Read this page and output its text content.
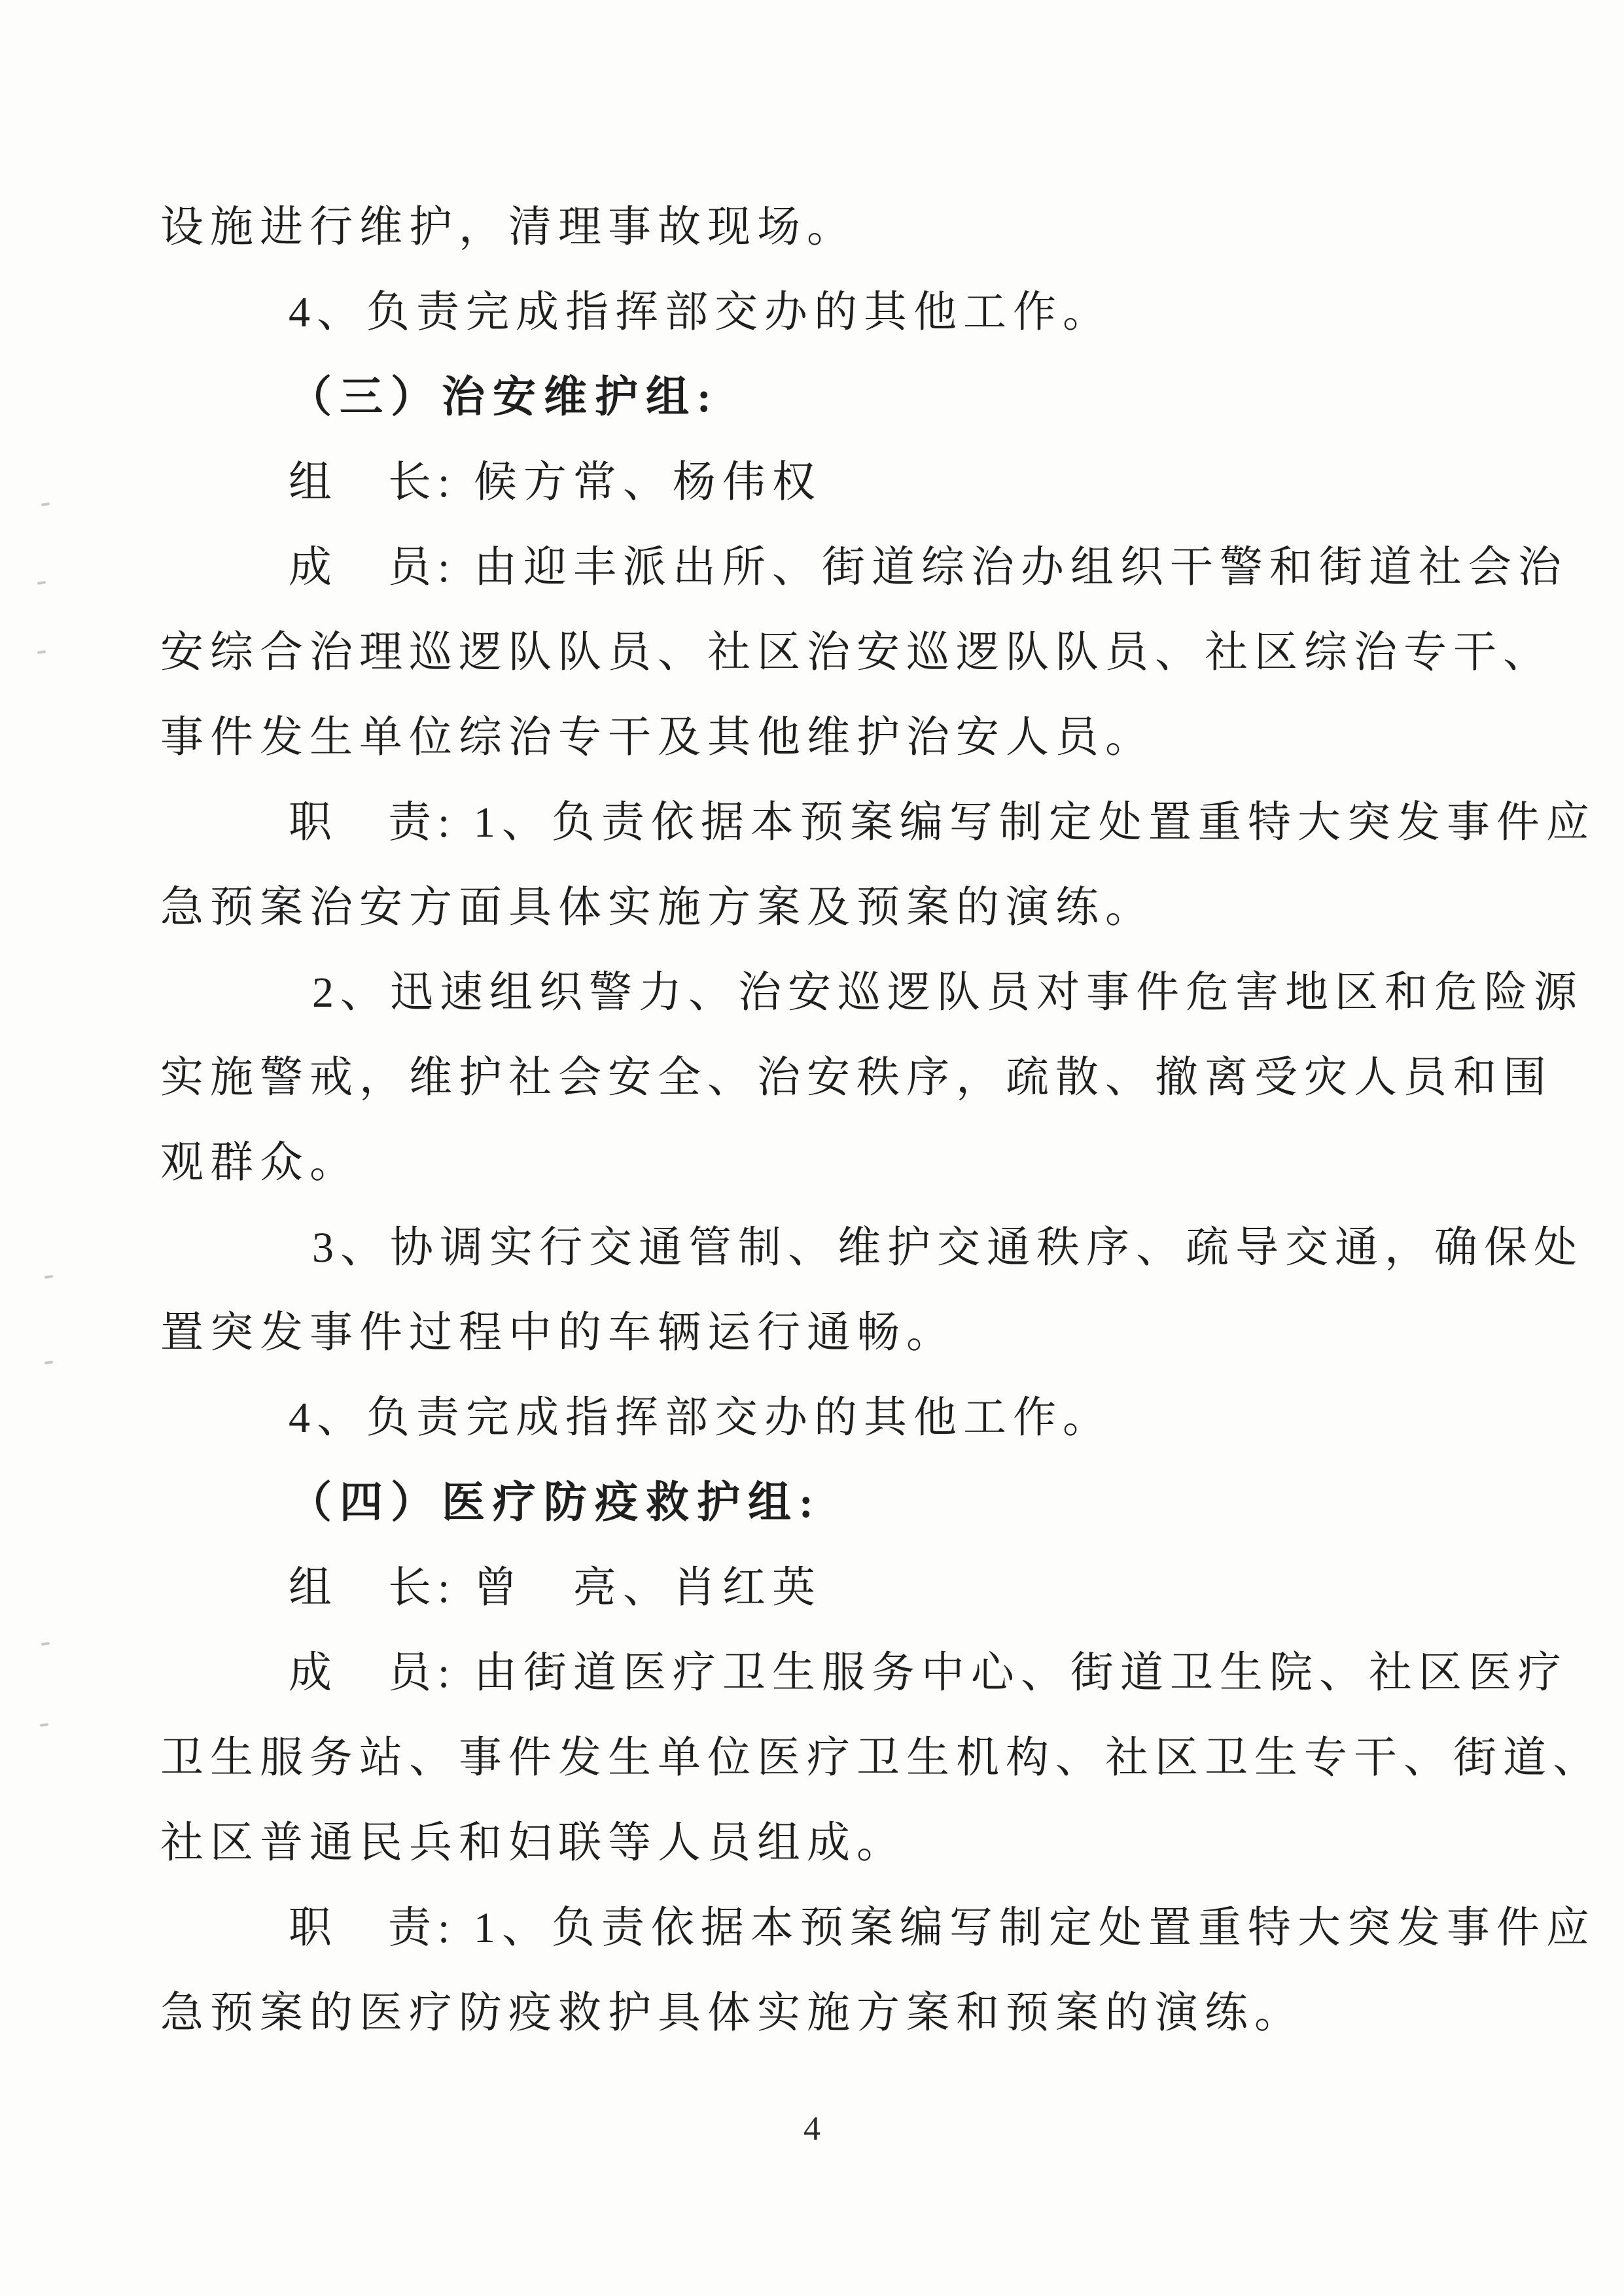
设施进行维护，清理事故现场。
4、负责完成指挥部交办的其他工作。
（三）治安维护组:
组　长: 候方常、杨伟权
成　员: 由迎丰派出所、街道综治办组织干警和街道社会治
安综合治理巡逻队队员、社区治安巡逻队队员、社区综治专干、
事件发生单位综治专干及其他维护治安人员。
职　责: 1、负责依据本预案编写制定处置重特大突发事件应
急预案治安方面具体实施方案及预案的演练。
2、迅速组织警力、治安巡逻队员对事件危害地区和危险源
实施警戒，维护社会安全、治安秩序，疏散、撤离受灾人员和围
观群众。
3、协调实行交通管制、维护交通秩序、疏导交通，确保处
置突发事件过程中的车辆运行通畅。
4、负责完成指挥部交办的其他工作。
（四）医疗防疫救护组:
组　长: 曾　亮、肖红英
成　员: 由街道医疗卫生服务中心、街道卫生院、社区医疗
卫生服务站、事件发生单位医疗卫生机构、社区卫生专干、街道、
社区普通民兵和妇联等人员组成。
职　责: 1、负责依据本预案编写制定处置重特大突发事件应
急预案的医疗防疫救护具体实施方案和预案的演练。
4
